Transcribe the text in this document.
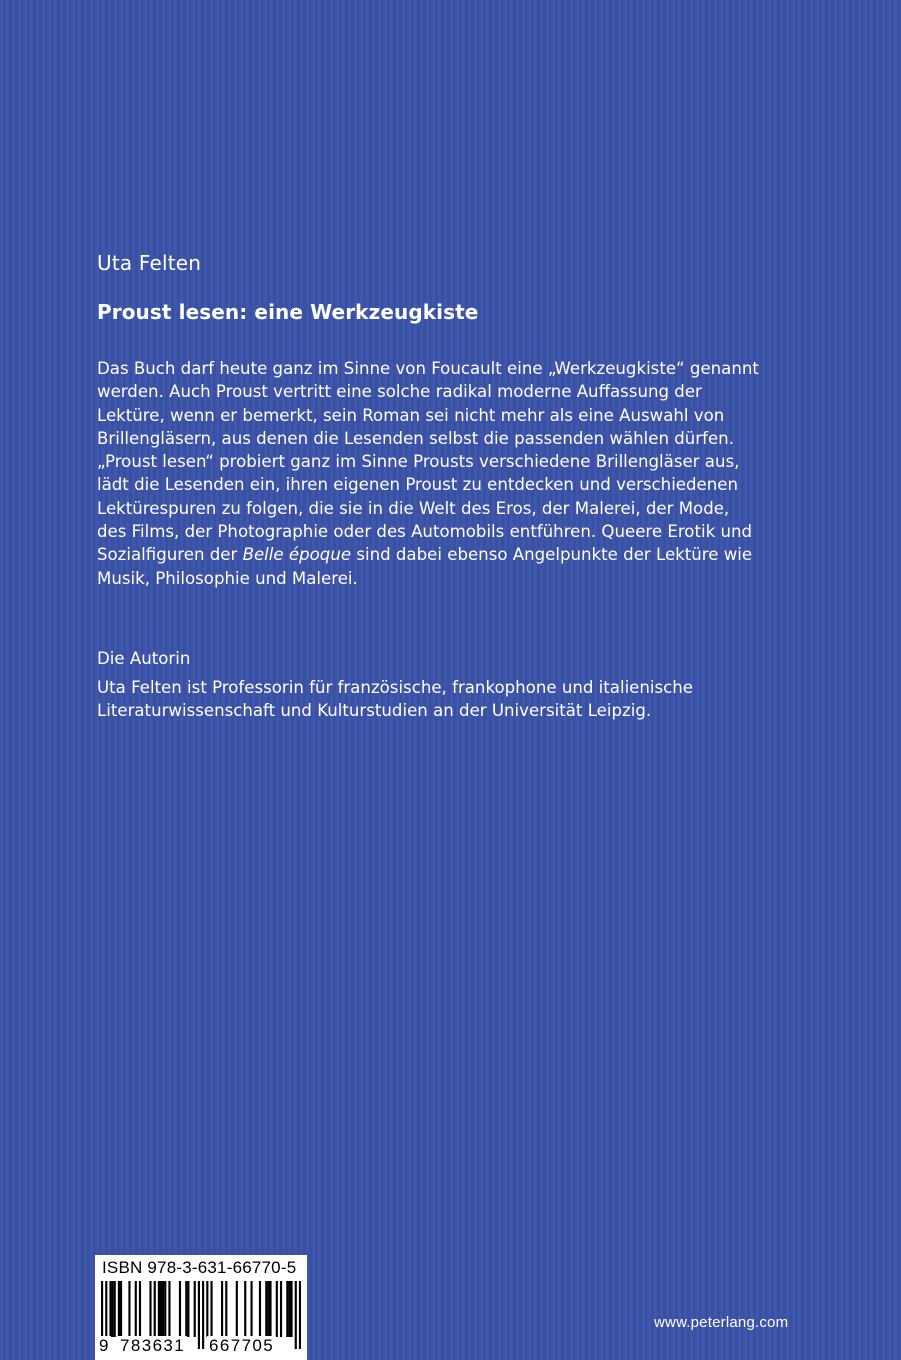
Uta Felten
Proust lesen: eine Werkzeugkiste

Das Buch darf heute ganz im Sinne von Foucault eine „Werkzeugkiste“ genannt

werden. Auch Proust vertritt eine solche radikal moderne Auffassung der

Lektüre, wenn er bemerkt, sein Roman sei nicht mehr als eine Auswahl von

Brillengläsern, aus denen die Lesenden selbst die passenden wählen dürfen.

„Proust lesen“ probiert ganz im Sinne Prousts verschiedene Brillengläser aus,

lädt die Lesenden ein, ihren eigenen Proust zu entdecken und verschiedenen

Lektürespuren zu folgen, die sie in die Welt des Eros, der Malerei, der Mode,

des Films, der Photographie oder des Automobils entführen. Queere Erotik und

Sozialfiguren der Belle époque sind dabei ebenso Angelpunkte der Lektüre wie

Musik, Philosophie und Malerei.

Die Autorin

Uta Felten ist Professorin für französische, frankophone und italienische

Literaturwissenschaft und Kulturstudien an der Universität Leipzig.

ISBN 978-3-631-66770-5
9 783631 667705
www.peterlang.com
